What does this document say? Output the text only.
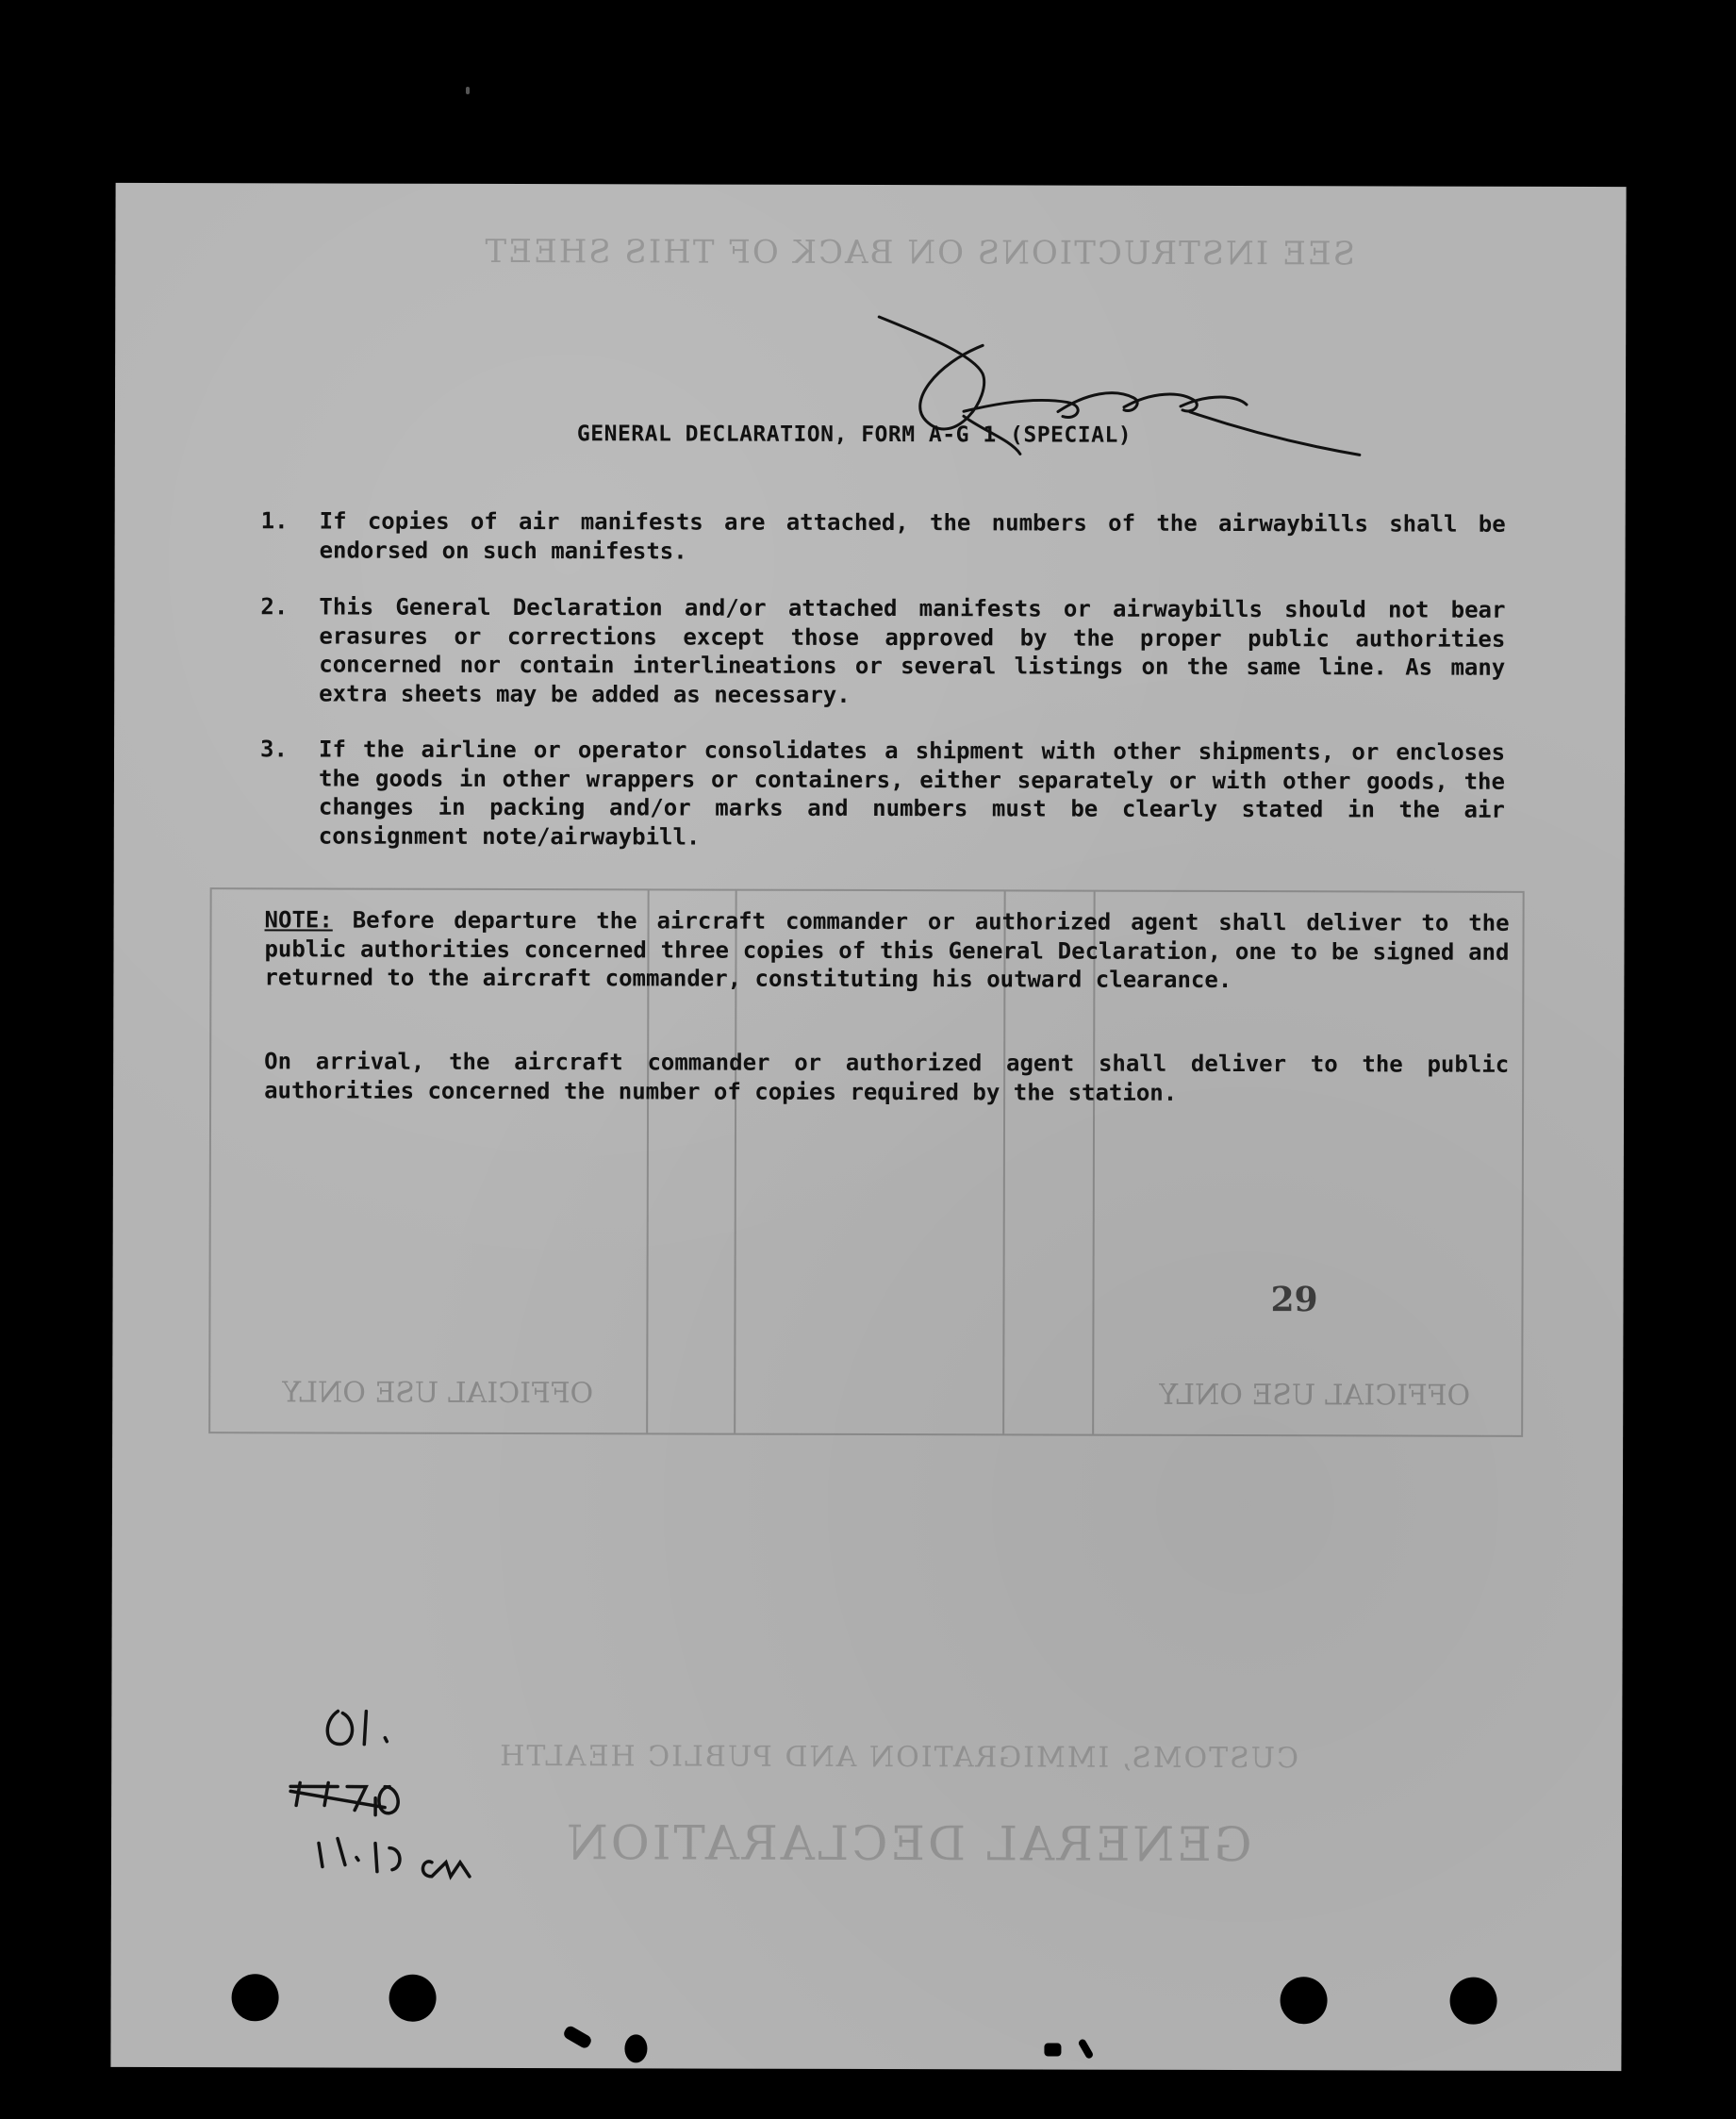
SEE INSTRUCTIONS ON BACK OF THIS SHEET
GENERAL DECLARATION, FORM A-G 1 (SPECIAL)
1. If copies of air manifests are attached, the numbers of the airwaybills shall be endorsed on such manifests.
2. This General Declaration and/or attached manifests or airwaybills should not bear erasures or corrections except those approved by the proper public authorities concerned nor contain interlineations or several listings on the same line. As many extra sheets may be added as necessary.
3. If the airline or operator consolidates a shipment with other shipments, or encloses the goods in other wrappers or containers, either separately or with other goods, the changes in packing and/or marks and numbers must be clearly stated in the air consignment note/airwaybill.
NOTE: Before departure the aircraft commander or authorized agent shall deliver to the public authorities concerned three copies of this General Declaration, one to be signed and returned to the aircraft commander, constituting his outward clearance.
On arrival, the aircraft commander or authorized agent shall deliver to the public authorities concerned the number of copies required by the station.
29
OFFICIAL USE ONLY
OFFICIAL USE ONLY
CUSTOMS, IMMIGRATION AND PUBLIC HEALTH
GENERAL DECLARATION
